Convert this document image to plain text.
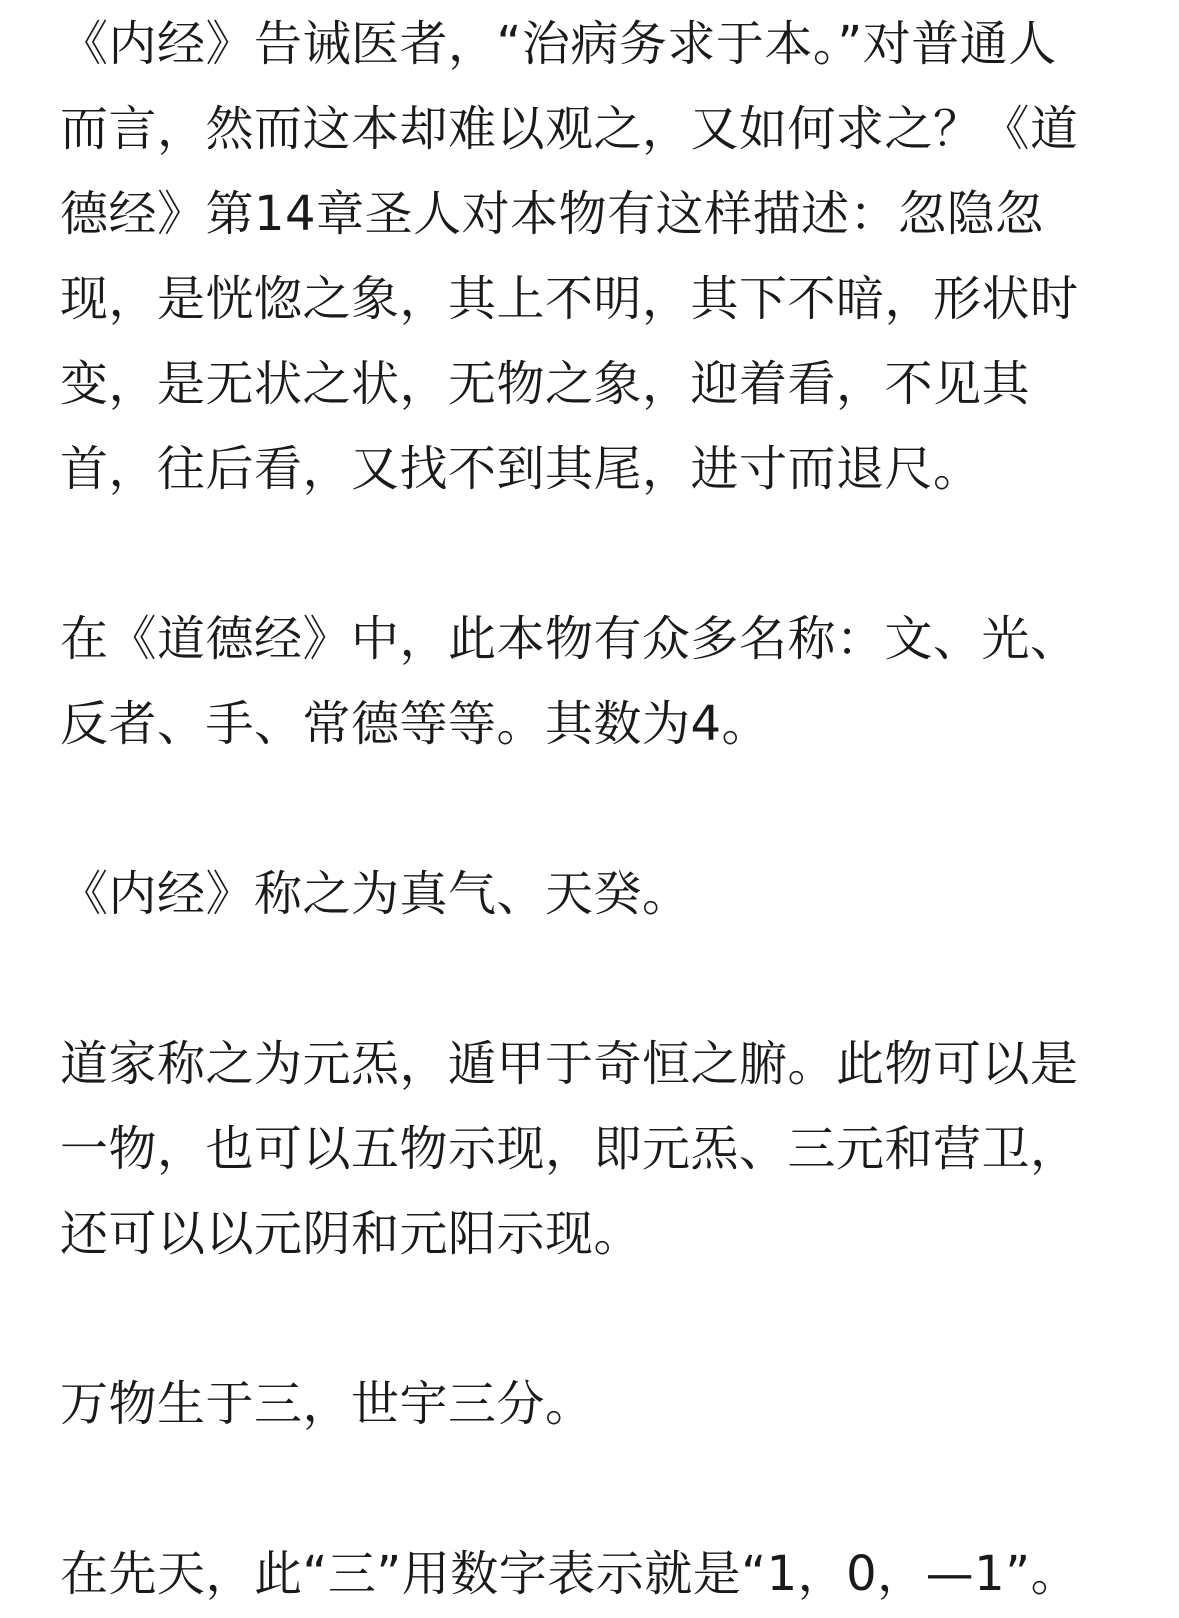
《内经》告诫医者，“治病务求于本。”对普通人而言，然而这本却难以观之，又如何求之？《道德经》第14章圣人对本物有这样描述：忽隐忽现，是恍惚之象，其上不明，其下不暗，形状时变，是无状之状，无物之象，迎着看，不见其首，往后看，又找不到其尾，进寸而退尺。

在《道德经》中，此本物有众多名称：文、光、反者、手、常德等等。其数为4。

《内经》称之为真气、天癸。

道家称之为元炁，遁甲于奇恒之腑。此物可以是一物，也可以五物示现，即元炁、三元和营卫，还可以以元阴和元阳示现。

万物生于三，世宇三分。

在先天，此“三”用数字表示就是“1，0，—1”。
